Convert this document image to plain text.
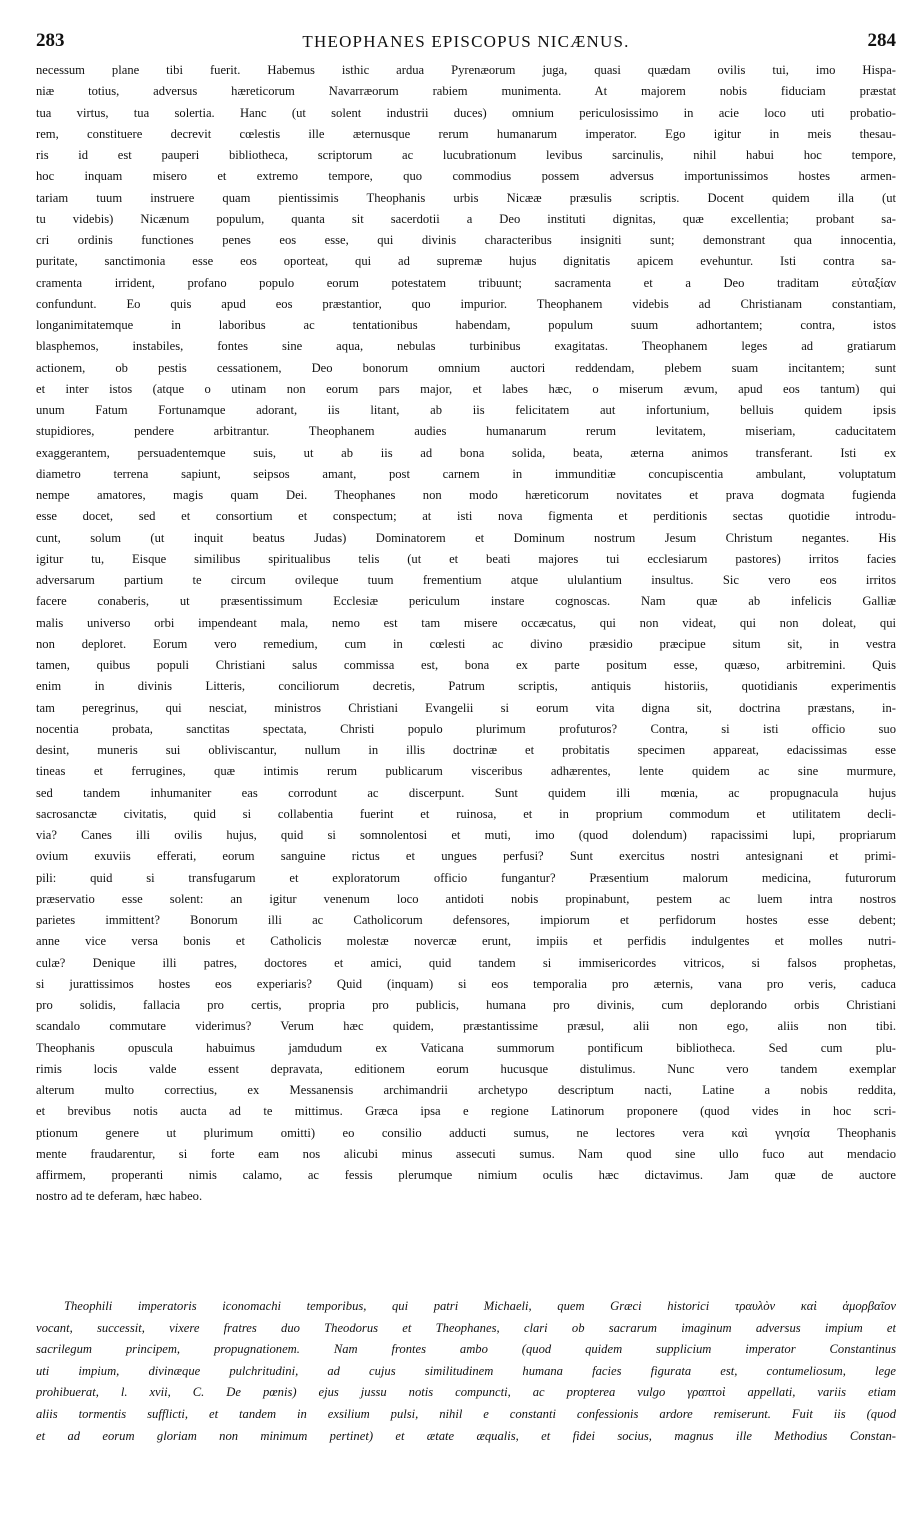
283	THEOPHANES EPISCOPUS NICÆNUS.	284
necessum plane tibi fuerit. Habemus isthic ardua Pyrenæorum juga, quasi quædam ovilis tui, imo Hispa-
niæ totius, adversus hæreticorum Navarræorum rabiem munimenta. At majorem nobis fiduciam præstat
tua virtus, tua solertia. Hanc (ut solent industrii duces) omnium periculosissimo in acie loco uti probatio-
rem, constituere decrevit cœlestis ille æternusque rerum humanarum imperator. Ego igitur in meis thesau-
ris id est pauperi bibliotheca, scriptorum ac lucubrationum levibus sarcinulis, nihil habui hoc tempore,
hoc inquam misero et extremo tempore, quo commodius possem adversus importunissimos hostes armen-
tariam tuum instruere quam pientissimis Theophanis urbis Nicææ præsulis scriptis. Docent quidem illa (ut
tu videbis) Nicænum populum, quanta sit sacerdotii a Deo instituti dignitas, quæ excellentia; probant sa-
cri ordinis functiones penes eos esse, qui divinis characteribus insigniti sunt; demonstrant qua innocentia,
puritate, sanctimonia esse eos oporteat, qui ad supremæ hujus dignitatis apicem evehuntur. Isti contra sa-
cramenta irrident, profano populo eorum potestatem tribuunt; sacramenta et a Deo traditam εὐταξίαν
confundunt. Eo quis apud eos præstantior, quo impurior. Theophanem videbis ad Christianam constantiam,
longanimitatemque in laboribus ac tentationibus habendam, populum suum adhortantem; contra, istos
blasphemos, instabiles, fontes sine aqua, nebulas turbinibus exagitatas. Theophanem leges ad gratiarum
actionem, ob pestis cessationem, Deo bonorum omnium auctori reddendam, plebem suam incitantem; sunt
et inter istos (atque o utinam non eorum pars major, et labes hæc, o miserum ævum, apud eos tantum) qui
unum Fatum Fortunamque adorant, iis litant, ab iis felicitatem aut infortunium, belluis quidem ipsis
stupidiores, pendere arbitrantur. Theophanem audies humanarum rerum levitatem, miseriam, caducitatem
exaggerantem, persuadentemque suis, ut ab iis ad bona solida, beata, æterna animos transferant. Isti ex
diametro terrena sapiunt, seipsos amant, post carnem in immunditiæ concupiscentia ambulant, voluptatum
nempe amatores, magis quam Dei. Theophanes non modo hæreticorum novitates et prava dogmata fugienda
esse docet, sed et consortium et conspectum; at isti nova figmenta et perditionis sectas quotidie introdu-
cunt, solum (ut inquit beatus Judas) Dominatorem et Dominum nostrum Jesum Christum negantes. His
igitur tu, Eisque similibus spiritualibus telis (ut et beati majores tui ecclesiarum pastores) irritos facies
adversarum partium te circum ovileque tuum frementium atque ululantium insultus. Sic vero eos irritos
facere conaberis, ut præsentissimum Ecclesiæ periculum instare cognoscas. Nam quæ ab infelicis Galliæ
malis universo orbi impendeant mala, nemo est tam misere occæcatus, qui non videat, qui non doleat, qui
non deploret. Eorum vero remedium, cum in cœlesti ac divino præsidio præcipue situm sit, in vestra
tamen, quibus populi Christiani salus commissa est, bona ex parte positum esse, quæso, arbitremini. Quis
enim in divinis Litteris, conciliorum decretis, Patrum scriptis, antiquis historiis, quotidianis experimentis
tam peregrinus, qui nesciat, ministros Christiani Evangelii si eorum vita digna sit, doctrina præstans, in-
nocentia probata, sanctitas spectata, Christi populo plurimum profuturos? Contra, si isti officio suo
desint, muneris sui obliviscantur, nullum in illis doctrinæ et probitatis specimen appareat, edacissimas esse
tineas et ferrugines, quæ intimis rerum publicarum visceribus adhærentes, lente quidem ac sine murmure,
sed tandem inhumaniter eas corrodunt ac discerpunt. Sunt quidem illi mœnia, ac propugnacula hujus
sacrosanctæ civitatis, quid si collabentia fuerint et ruinosa, et in proprium commodum et utilitatem decli-
via? Canes illi ovilis hujus, quid si somnolentosi et muti, imo (quod dolendum) rapacissimi lupi, propriarum
ovium exuviis efferati, eorum sanguine rictus et ungues perfusi? Sunt exercitus nostri antesignani et primi-
pili: quid si transfugarum et exploratorum officio fungantur? Præsentium malorum medicina, futurorum
præservatio esse solent: an igitur venenum loco antidoti nobis propinabunt, pestem ac luem intra nostros
parietes immittent? Bonorum illi ac Catholicorum defensores, impiorum et perfidorum hostes esse debent;
anne vice versa bonis et Catholicis molestæ novercæ erunt, impiis et perfidis indulgentes et molles nutri-
culæ? Denique illi patres, doctores et amici, quid tandem si immisericordes vitricos, si falsos prophetas,
si jurattissimos hostes eos experiaris? Quid (inquam) si eos temporalia pro æternis, vana pro veris, caduca
pro solidis, fallacia pro certis, propria pro publicis, humana pro divinis, cum deplorando orbis Christiani
scandalo commutare viderimus? Verum hæc quidem, præstantissime præsul, alii non ego, aliis non tibi.
Theophanis opuscula habuimus jamdudum ex Vaticana summorum pontificum bibliotheca. Sed cum plu-
rimis locis valde essent depravata, editionem eorum hucusque distulimus. Nunc vero tandem exemplar
alterum multo correctius, ex Messanensis archimandrii archetypo descriptum nacti, Latine a nobis reddita,
et brevibus notis aucta ad te mittimus. Græca ipsa e regione Latinorum proponere (quod vides in hoc scri-
ptionum genere ut plurimum omitti) eo consilio adducti sumus, ne lectores vera καὶ γνησία Theophanis
mente fraudarentur, si forte eam nos alicubi minus assecuti sumus. Nam quod sine ullo fuco aut mendacio
affirmem, properanti nimis calamo, ac fessis plerumque nimium oculis hæc dictavimus. Jam quæ de auctore
nostro ad te deferam, hæc habeo.
Theophili imperatoris iconomachi temporibus, qui patri Michaeli, quem Græci historici τραυλὸν καὶ ἁμορβαῖον
vocant, successit, vixere fratres duo Theodorus et Theophanes, clari ob sacrarum imaginum adversus impium et
sacrilegum principem, propugnationem. Nam frontes ambo (quod quidem supplicium imperator Constantinus
uti impium, divinæque pulchritudini, ad cujus similitudinem humana facies figurata est, contumeliosum, lege
prohibuerat, l. xvii, C. De pœnis) ejus jussu notis compuncti, ac propterea vulgo γραπτοὶ appellati, variis etiam
aliis tormentis sufflicti, et tandem in exsilium pulsi, nihil e constanti confessionis ardore remiserunt. Fuit iis (quod
et ad eorum gloriam non minimum pertinet) et ætate æqualis, et fidei socius, magnus ille Methodius Constan-
